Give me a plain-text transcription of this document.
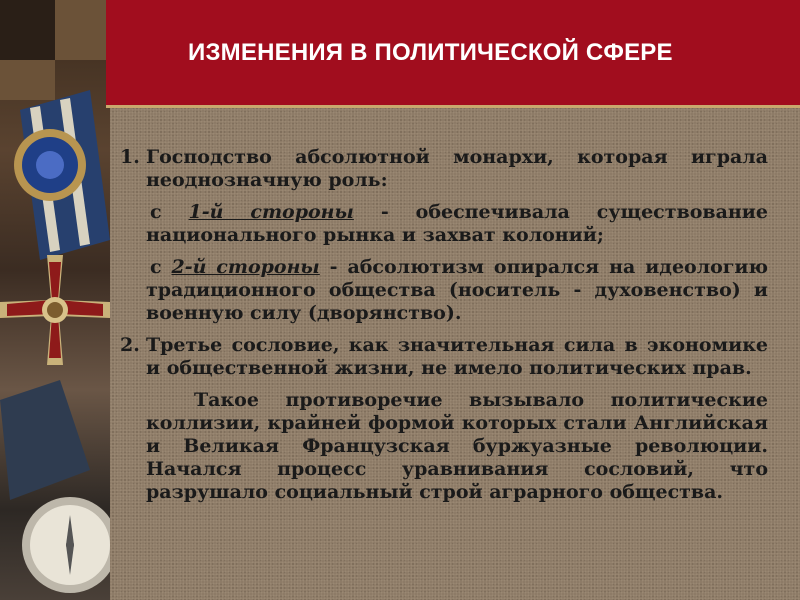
ИЗМЕНЕНИЯ В ПОЛИТИЧЕСКОЙ СФЕРЕ
1. Господство абсолютной монархи, которая играла неоднозначную роль:
с 1-й стороны - обеспечивала существование национального рынка и захват колоний;
с 2-й стороны - абсолютизм опирался на идеологию традиционного общества (носитель - духовенство) и военную силу (дворянство).
2. Третье сословие, как значительная сила в экономике и общественной жизни, не имело политических прав.
Такое противоречие вызывало политические коллизии, крайней формой которых стали Английская и Великая Французская буржуазные революции. Начался процесс уравнивания сословий, что разрушало социальный строй аграрного общества.
